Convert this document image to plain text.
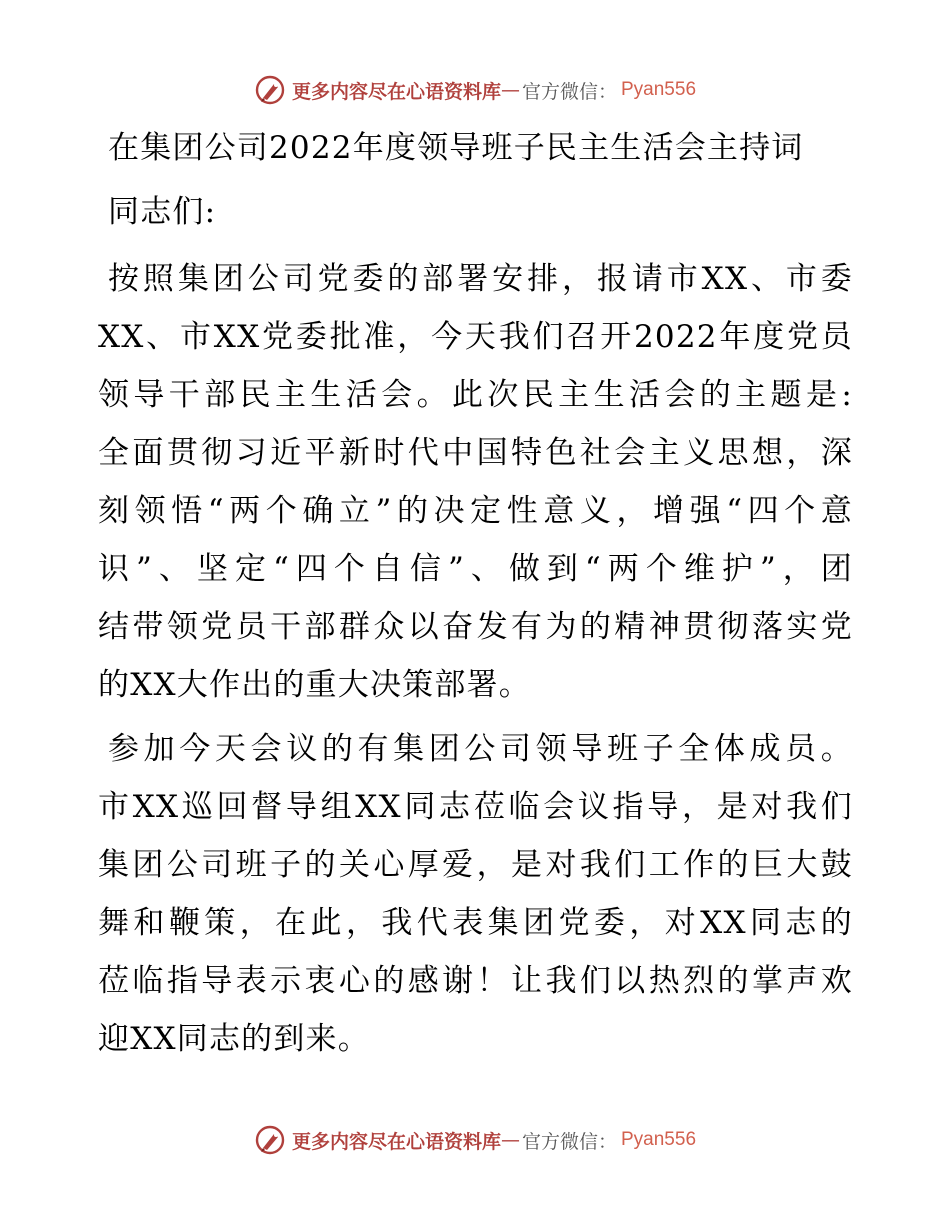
更多内容尽在心语资料库 — 官方微信： Pyan556
在集团公司2022年度领导班子民主生活会主持词
同志们:
按照集团公司党委的部署安排，报请市XX、市委
XX、市XX党委批准，今天我们召开2022年度党员
领导干部民主生活会。此次民主生活会的主题是:
全面贯彻习近平新时代中国特色社会主义思想，深
刻领悟“两个确立”的决定性意义，增强“四个意
识”、坚定“四个自信”、做到“两个维护”，团
结带领党员干部群众以奋发有为的精神贯彻落实党
的XX大作出的重大决策部署。
参加今天会议的有集团公司领导班子全体成员。
市XX巡回督导组XX同志莅临会议指导，是对我们
集团公司班子的关心厚爱，是对我们工作的巨大鼓
舞和鞭策，在此，我代表集团党委，对XX同志的
莅临指导表示衷心的感谢！让我们以热烈的掌声欢
迎XX同志的到来。
更多内容尽在心语资料库 — 官方微信： Pyan556
